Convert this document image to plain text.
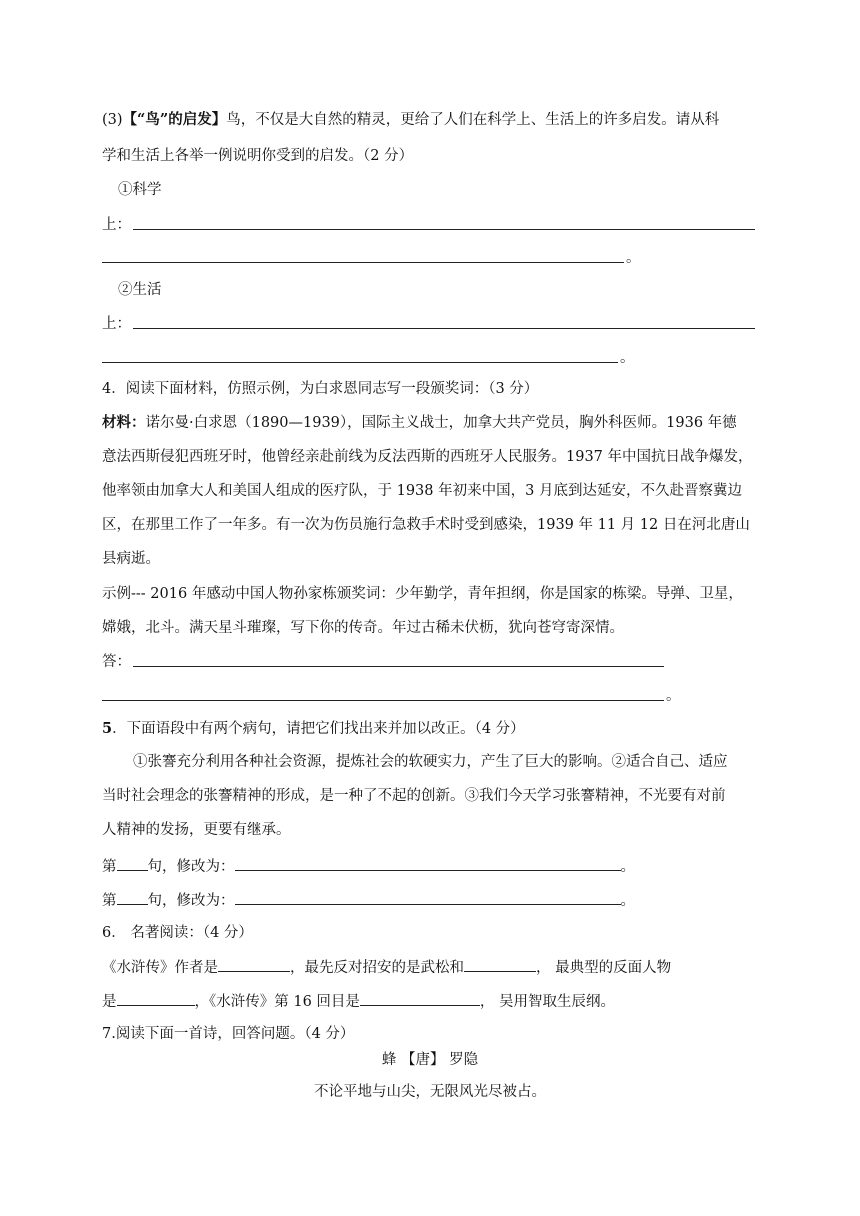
(3)【“鸟”的启发】鸟，不仅是大自然的精灵，更给了人们在科学上、生活上的许多启发。请从科
学和生活上各举一例说明你受到的启发。（2 分）
①科学
上：
。
②生活
上：
。
4．阅读下面材料，仿照示例，为白求恩同志写一段颁奖词：（3 分）
材料：诺尔曼·白求恩（1890—1939），国际主义战士，加拿大共产党员，胸外科医师。1936 年德
意法西斯侵犯西班牙时，他曾经亲赴前线为反法西斯的西班牙人民服务。1937 年中国抗日战争爆发，
他率领由加拿大人和美国人组成的医疗队，于 1938 年初来中国，3 月底到达延安，不久赴晋察冀边
区，在那里工作了一年多。有一次为伤员施行急救手术时受到感染，1939 年 11 月 12 日在河北唐山
县病逝。
示例--- 2016 年感动中国人物孙家栋颁奖词：少年勤学，青年担纲，你是国家的栋梁。导弹、卫星，
嫦娥，北斗。满天星斗璀璨，写下你的传奇。年过古稀未伏枥，犹向苍穹寄深情。
答：
。
5．下面语段中有两个病句，请把它们找出来并加以改正。（4 分）
①张謇充分利用各种社会资源，提炼社会的软硬实力，产生了巨大的影响。②适合自己、适应
当时社会理念的张謇精神的形成，是一种了不起的创新。③我们今天学习张謇精神，不光要有对前
人精神的发扬，更要有继承。
第 句，修改为：	。
第 句，修改为：	。
6． 名著阅读：（4 分）
《水浒传》作者是	，最先反对招安的是武松和	， 最典型的反面人物
是	，《水浒传》第 16 回目是	， 吴用智取生辰纲。
7.阅读下面一首诗，回答问题。（4 分）
蜂 【唐】 罗隐
不论平地与山尖，无限风光尽被占。
